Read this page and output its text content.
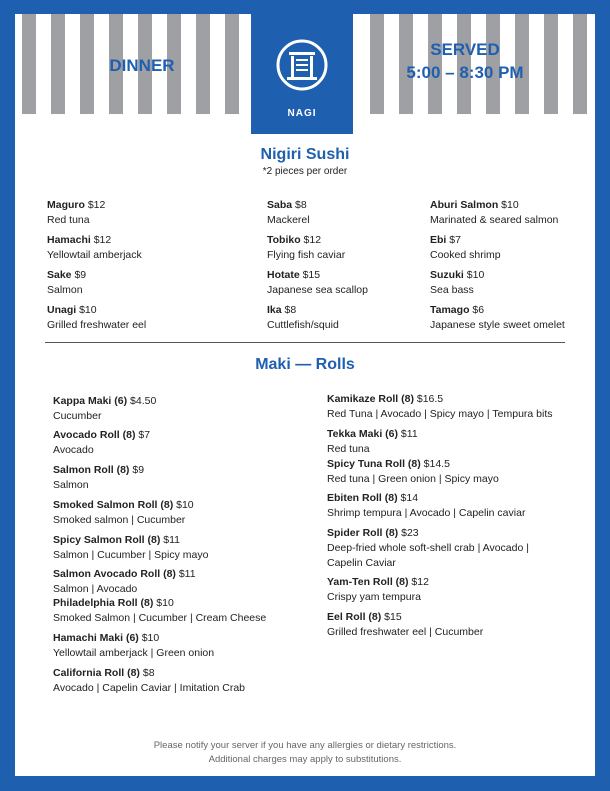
DINNER
SERVED
5:00 – 8:30 PM
NAGI
Nigiri Sushi
*2 pieces per order
Maguro $12
Red tuna
Hamachi $12
Yellowtail amberjack
Sake $9
Salmon
Unagi $10
Grilled freshwater eel
Saba $8
Mackerel
Tobiko $12
Flying fish caviar
Hotate $15
Japanese sea scallop
Ika $8
Cuttlefish/squid
Aburi Salmon $10
Marinated & seared salmon
Ebi $7
Cooked shrimp
Suzuki $10
Sea bass
Tamago $6
Japanese style sweet omelet
Maki — Rolls
Kappa Maki (6) $4.50
Cucumber
Avocado Roll (8) $7
Avocado
Salmon Roll (8) $9
Salmon
Smoked Salmon Roll (8) $10
Smoked salmon | Cucumber
Spicy Salmon Roll (8) $11
Salmon | Cucumber | Spicy mayo
Salmon Avocado Roll (8) $11
Salmon | Avocado
Philadelphia Roll (8) $10
Smoked Salmon | Cucumber | Cream Cheese
Hamachi Maki (6) $10
Yellowtail amberjack | Green onion
California Roll (8) $8
Avocado | Capelin Caviar | Imitation Crab
Kamikaze Roll (8) $16.5
Red Tuna | Avocado | Spicy mayo | Tempura bits
Tekka Maki (6) $11
Red tuna
Spicy Tuna Roll (8) $14.5
Red tuna | Green onion | Spicy mayo
Ebiten Roll (8) $14
Shrimp tempura | Avocado | Capelin caviar
Spider Roll (8) $23
Deep-fried whole soft-shell crab | Avocado |
Capelin Caviar
Yam-Ten Roll (8) $12
Crispy yam tempura
Eel Roll (8) $15
Grilled freshwater eel | Cucumber
Please notify your server if you have any allergies or dietary restrictions.
Additional charges may apply to substitutions.
